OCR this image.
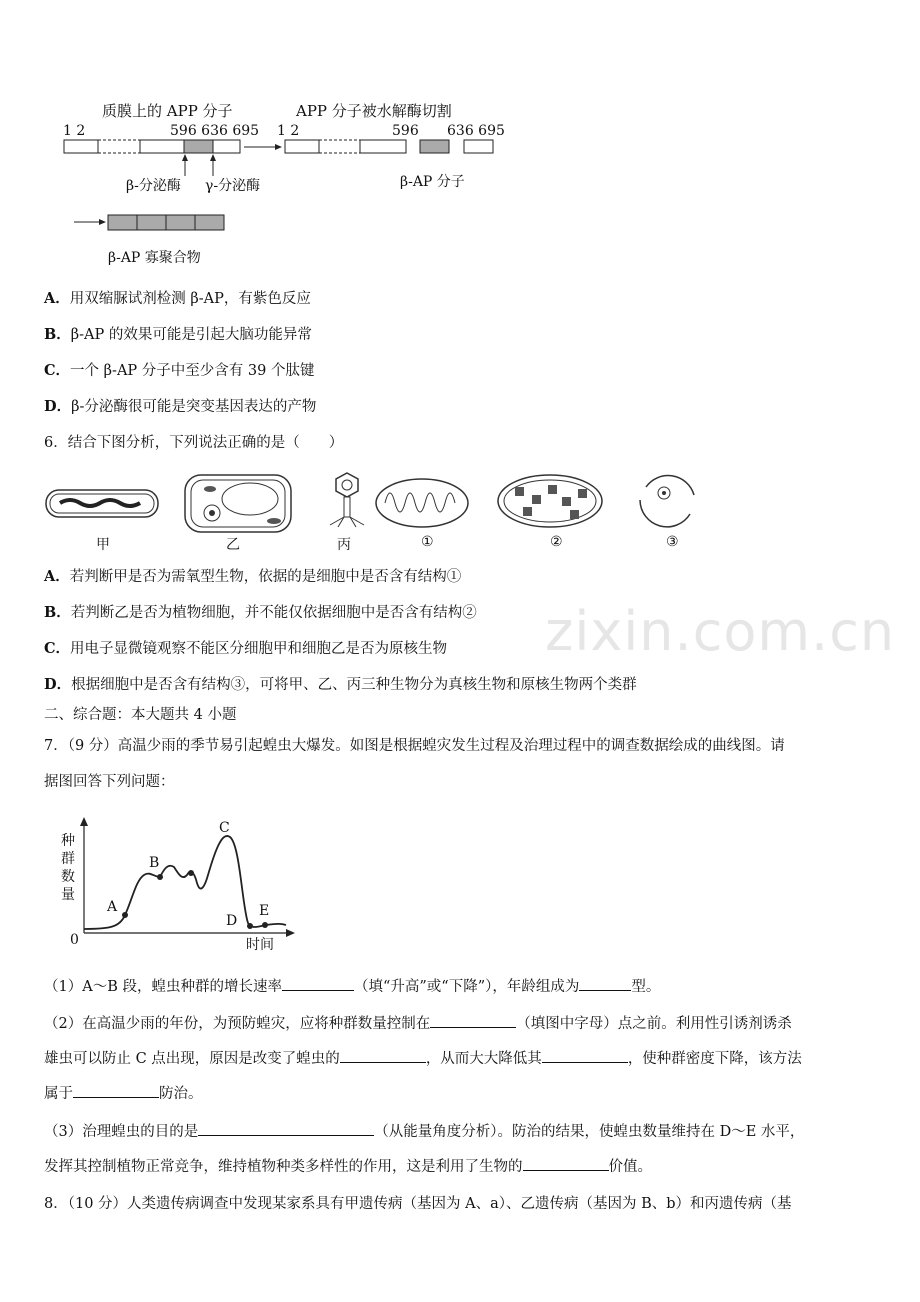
zixin.com.cn
质膜上的 APP 分子	APP 分子被水解酶切割
1 2	596 636 695 1 2	596 636 695
β-分泌酶 γ-分泌酶	β-AP 分子
β-AP 寡聚合物
A．用双缩脲试剂检测 β-AP，有紫色反应
B．β-AP 的效果可能是引起大脑功能异常
C．一个 β-AP 分子中至少含有 39 个肽键
D．β-分泌酶很可能是突变基因表达的产物
6．结合下图分析，下列说法正确的是（　　）
甲	乙	丙	①	②	③
A．若判断甲是否为需氧型生物，依据的是细胞中是否含有结构①
B．若判断乙是否为植物细胞，并不能仅依据细胞中是否含有结构②
C．用电子显微镜观察不能区分细胞甲和细胞乙是否为原核生物
D．根据细胞中是否含有结构③，可将甲、乙、丙三种生物分为真核生物和原核生物两个类群
二、综合题：本大题共 4 小题
7．（9 分）高温少雨的季节易引起蝗虫大爆发。如图是根据蝗灾发生过程及治理过程中的调查数据绘成的曲线图。请
据图回答下列问题：
种群数量
0	时间
A
B
C
D
E
（1）A～B 段，蝗虫种群的增长速率	（填“升高”或“下降”），年龄组成为	型。
（2）在高温少雨的年份，为预防蝗灾，应将种群数量控制在	（填图中字母）点之前。利用性引诱剂诱杀
雄虫可以防止 C 点出现，原因是改变了蝗虫的	，从而大大降低其	，使种群密度下降，该方法
属于	防治。
（3）治理蝗虫的目的是	（从能量角度分析）。防治的结果，使蝗虫数量维持在 D～E 水平，
发挥其控制植物正常竞争，维持植物种类多样性的作用，这是利用了生物的	价值。
8．（10 分）人类遗传病调查中发现某家系具有甲遗传病（基因为 A、a）、乙遗传病（基因为 B、b）和丙遗传病（基
